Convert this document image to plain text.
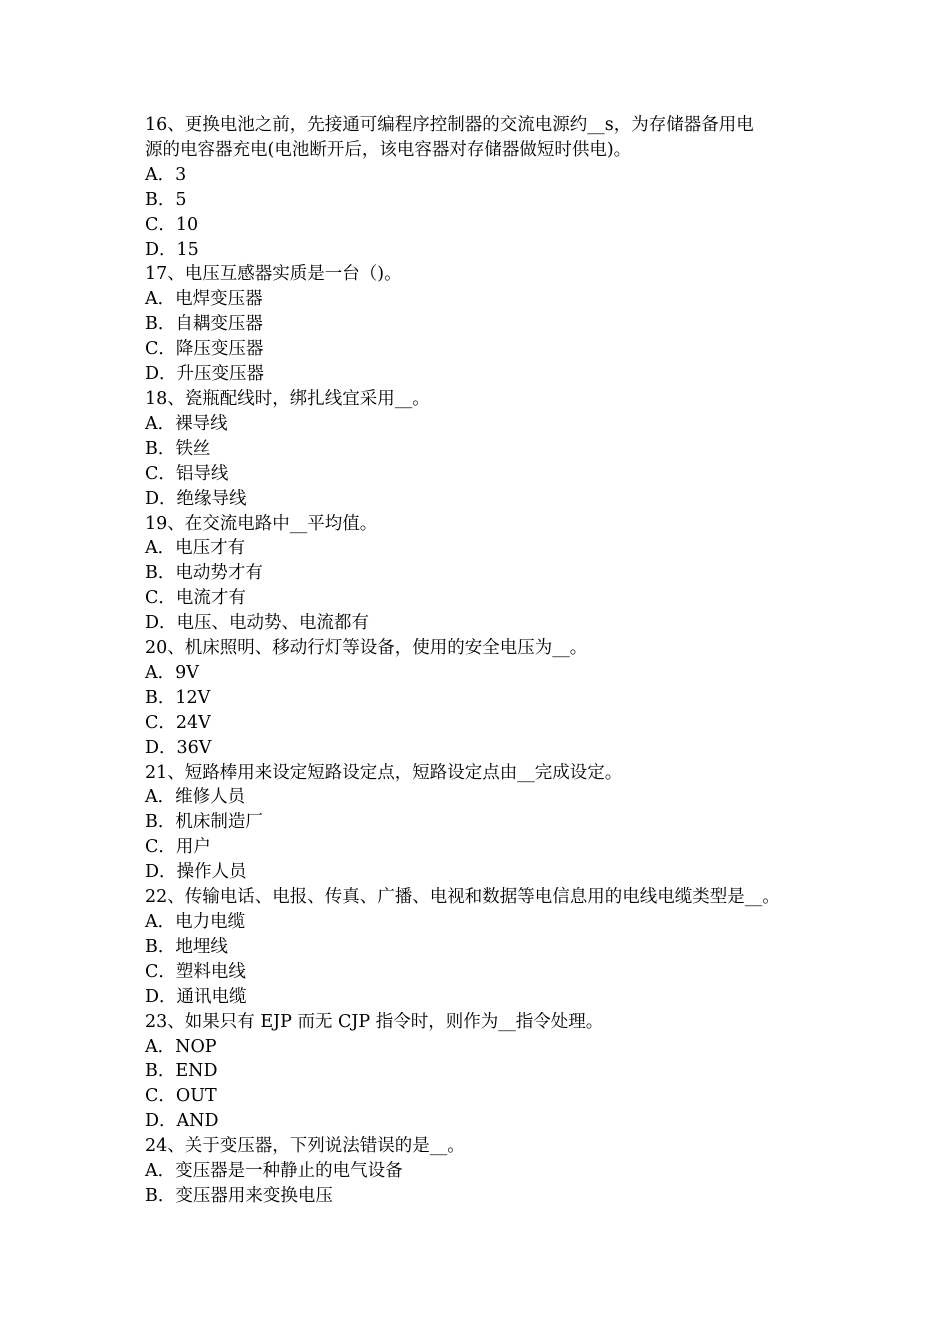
16、更换电池之前，先接通可编程序控制器的交流电源约__s，为存储器备用电

源的电容器充电(电池断开后，该电容器对存储器做短时供电)。

A．3

B．5

C．10

D．15

17、电压互感器实质是一台（)。

A．电焊变压器

B．自耦变压器

C．降压变压器

D．升压变压器

18、瓷瓶配线时，绑扎线宜采用__。

A．裸导线

B．铁丝

C．铝导线

D．绝缘导线

19、在交流电路中__平均值。

A．电压才有

B．电动势才有

C．电流才有

D．电压、电动势、电流都有

20、机床照明、移动行灯等设备，使用的安全电压为__。

A．9V

B．12V

C．24V

D．36V

21、短路棒用来设定短路设定点，短路设定点由__完成设定。

A．维修人员

B．机床制造厂

C．用户

D．操作人员

22、传输电话、电报、传真、广播、电视和数据等电信息用的电线电缆类型是__。

A．电力电缆

B．地埋线

C．塑料电线

D．通讯电缆

23、如果只有 EJP 而无 CJP 指令时，则作为__指令处理。

A．NOP

B．END

C．OUT

D．AND

24、关于变压器，下列说法错误的是__。

A．变压器是一种静止的电气设备

B．变压器用来变换电压
